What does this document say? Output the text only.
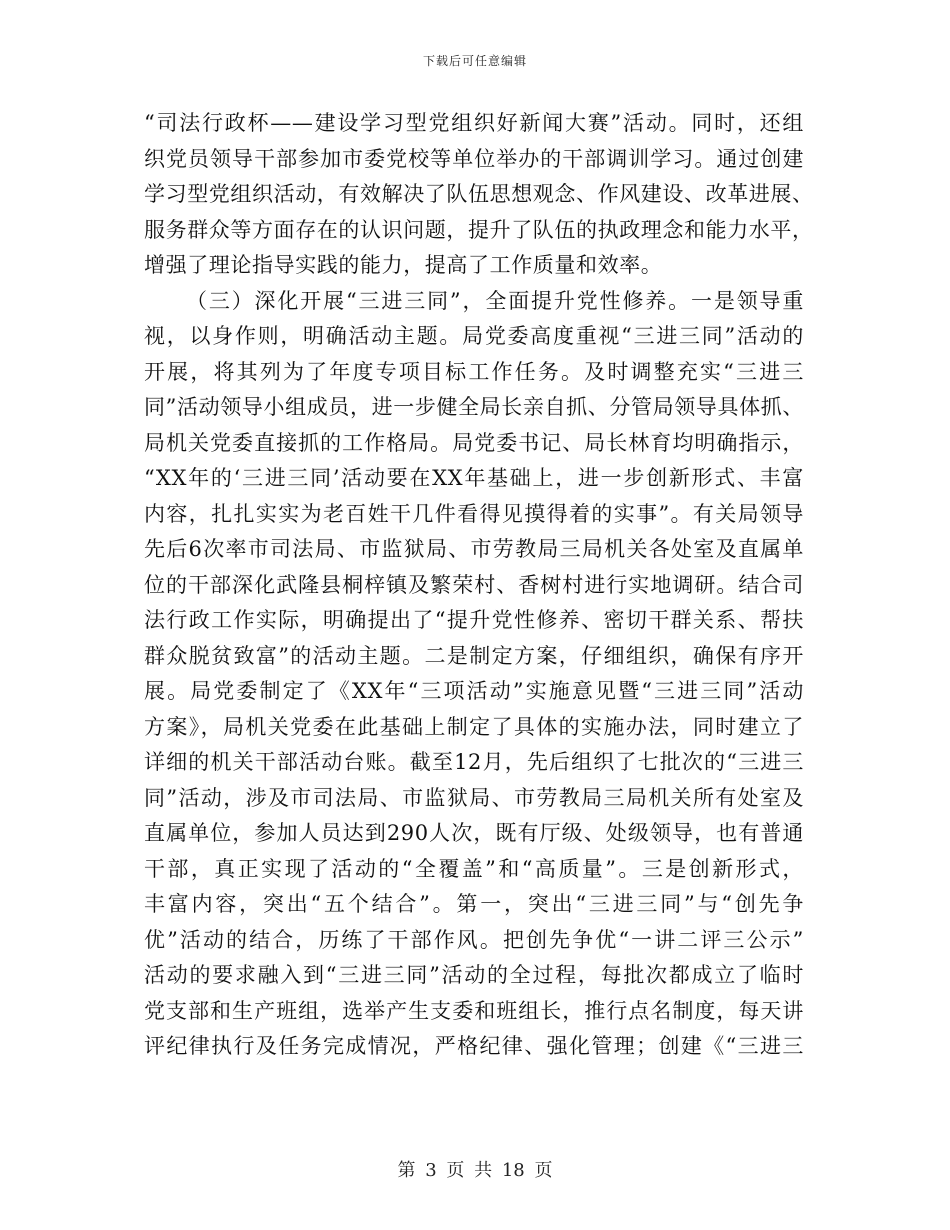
下载后可任意编辑
“司法行政杯——建设学习型党组织好新闻大赛”活动。同时，还组
织党员领导干部参加市委党校等单位举办的干部调训学习。通过创建
学习型党组织活动，有效解决了队伍思想观念、作风建设、改革进展、
服务群众等方面存在的认识问题，提升了队伍的执政理念和能力水平，
增强了理论指导实践的能力，提高了工作质量和效率。
（三）深化开展“三进三同”，全面提升党性修养。一是领导重
视，以身作则，明确活动主题。局党委高度重视“三进三同”活动的
开展，将其列为了年度专项目标工作任务。及时调整充实“三进三
同”活动领导小组成员，进一步健全局长亲自抓、分管局领导具体抓、
局机关党委直接抓的工作格局。局党委书记、局长林育均明确指示，
“XX年的‘三进三同’活动要在XX年基础上，进一步创新形式、丰富
内容，扎扎实实为老百姓干几件看得见摸得着的实事”。有关局领导
先后6次率市司法局、市监狱局、市劳教局三局机关各处室及直属单
位的干部深化武隆县桐梓镇及繁荣村、香树村进行实地调研。结合司
法行政工作实际，明确提出了“提升党性修养、密切干群关系、帮扶
群众脱贫致富”的活动主题。二是制定方案，仔细组织，确保有序开
展。局党委制定了《XX年“三项活动”实施意见暨“三进三同”活动
方案》，局机关党委在此基础上制定了具体的实施办法，同时建立了
详细的机关干部活动台账。截至12月，先后组织了七批次的“三进三
同”活动，涉及市司法局、市监狱局、市劳教局三局机关所有处室及
直属单位，参加人员达到290人次，既有厅级、处级领导，也有普通
干部，真正实现了活动的“全覆盖”和“高质量”。三是创新形式，
丰富内容，突出“五个结合”。第一，突出“三进三同”与“创先争
优”活动的结合，历练了干部作风。把创先争优“一讲二评三公示”
活动的要求融入到“三进三同”活动的全过程，每批次都成立了临时
党支部和生产班组，选举产生支委和班组长，推行点名制度，每天讲
评纪律执行及任务完成情况，严格纪律、强化管理；创建《“三进三
第 3 页 共 18 页
